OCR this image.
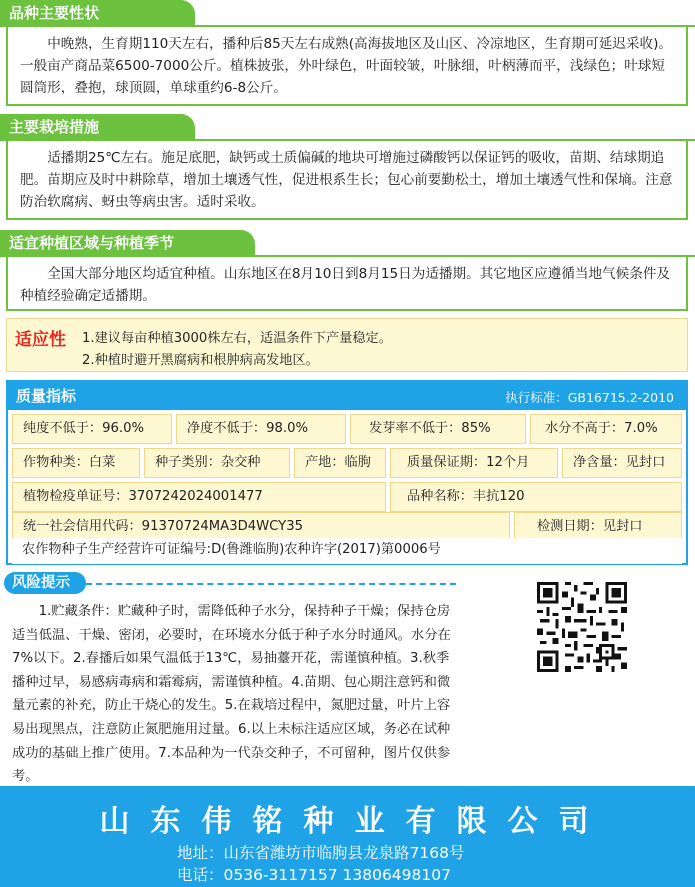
品种主要性状
中晚熟，生育期110天左右，播种后85天左右成熟(高海拔地区及山区、冷凉地区，生育期可延迟采收)。一般亩产商品菜6500-7000公斤。植株披张，外叶绿色，叶面较皱，叶脉细，叶柄薄而平，浅绿色；叶球短圆筒形，叠抱，球顶圆，单球重约6-8公斤。
主要栽培措施
适播期25℃左右。施足底肥，缺钙或土质偏碱的地块可增施过磷酸钙以保证钙的吸收，苗期、结球期追肥。苗期应及时中耕除草，增加土壤透气性，促进根系生长；包心前要勤松土，增加土壤透气性和保墒。注意防治软腐病、蚜虫等病虫害。适时采收。
适宜种植区域与种植季节
全国大部分地区均适宜种植。山东地区在8月10日到8月15日为适播期。其它地区应遵循当地气候条件及种植经验确定适播期。
适应性 1.建议每亩种植3000株左右，适温条件下产量稳定。
2.种植时避开黑腐病和根肿病高发地区。
质量指标	执行标准：GB16715.2-2010
纯度不低于：96.0%	净度不低于：98.0%	发芽率不低于：85%	水分不高于：7.0%
作物种类：白菜	种子类别：杂交种	产地：临朐	质量保证期：12个月	净含量：见封口
植物检疫单证号：3707242024001477	品种名称：丰抗120
统一社会信用代码：91370724MA3D4WCY35	检测日期：见封口
农作物种子生产经营许可证编号:D(鲁潍临朐)农种许字(2017)第0006号
风险提示
1.贮藏条件：贮藏种子时，需降低种子水分，保持种子干燥；保持仓房适当低温、干燥、密闭，必要时，在环境水分低于种子水分时通风。水分在7%以下。2.春播后如果气温低于13℃，易抽薹开花，需谨慎种植。3.秋季播种过早，易感病毒病和霜霉病，需谨慎种植。4.苗期、包心期注意钙和微量元素的补充，防止干烧心的发生。5.在栽培过程中，氮肥过量，叶片上容易出现黑点，注意防止氮肥施用过量。6.以上未标注适应区域，务必在试种成功的基础上推广使用。7.本品种为一代杂交种子，不可留种，图片仅供参考。
山东伟铭种业有限公司
地址：山东省潍坊市临朐县龙泉路7168号
电话：0536-3117157 13806498107
